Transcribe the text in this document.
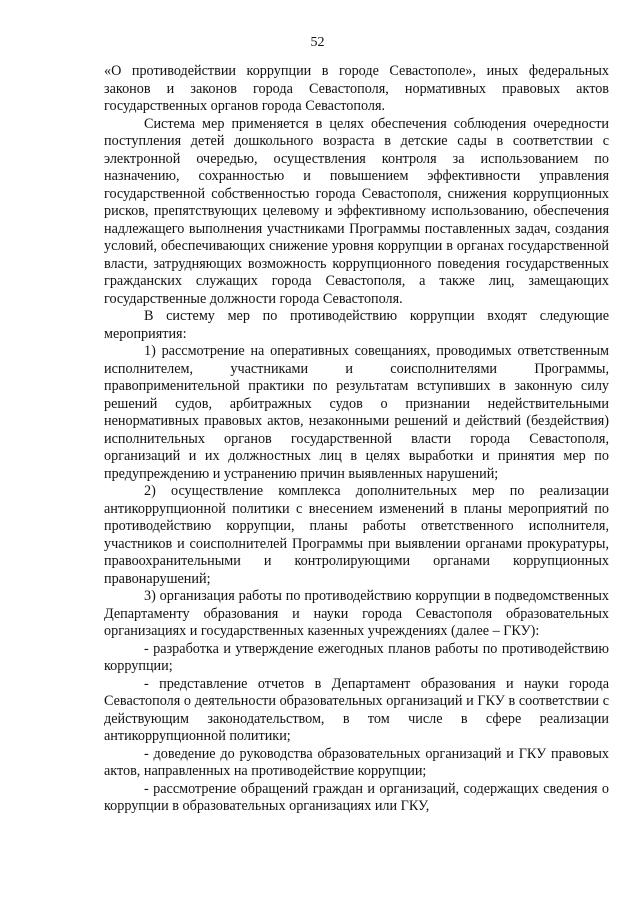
52

«О противодействии коррупции в городе Севастополе», иных федеральных законов и законов города Севастополя, нормативных правовых актов государственных органов города Севастополя.

Система мер применяется в целях обеспечения соблюдения очередности поступления детей дошкольного возраста в детские сады в соответствии с электронной очередью, осуществления контроля за использованием по назначению, сохранностью и повышением эффективности управления государственной собственностью города Севастополя, снижения коррупционных рисков, препятствующих целевому и эффективному использованию, обеспечения надлежащего выполнения участниками Программы поставленных задач, создания условий, обеспечивающих снижение уровня коррупции в органах государственной власти, затрудняющих возможность коррупционного поведения государственных гражданских служащих города Севастополя, а также лиц, замещающих государственные должности города Севастополя.

В систему мер по противодействию коррупции входят следующие мероприятия:

1) рассмотрение на оперативных совещаниях, проводимых ответственным исполнителем, участниками и соисполнителями Программы, правоприменительной практики по результатам вступивших в законную силу решений судов, арбитражных судов о признании недействительными ненормативных правовых актов, незаконными решений и действий (бездействия) исполнительных органов государственной власти города Севастополя, организаций и их должностных лиц в целях выработки и принятия мер по предупреждению и устранению причин выявленных нарушений;

2) осуществление комплекса дополнительных мер по реализации антикоррупционной политики с внесением изменений в планы мероприятий по противодействию коррупции, планы работы ответственного исполнителя, участников и соисполнителей Программы при выявлении органами прокуратуры, правоохранительными и контролирующими органами коррупционных правонарушений;

3) организация работы по противодействию коррупции в подведомственных Департаменту образования и науки города Севастополя образовательных организациях и государственных казенных учреждениях (далее – ГКУ):

- разработка и утверждение ежегодных планов работы по противодействию коррупции;

- представление отчетов в Департамент образования и науки города Севастополя о деятельности образовательных организаций и ГКУ в соответствии с действующим законодательством, в том числе в сфере реализации антикоррупционной политики;

- доведение до руководства образовательных организаций и ГКУ правовых актов, направленных на противодействие коррупции;

- рассмотрение обращений граждан и организаций, содержащих сведения о коррупции в образовательных организациях или ГКУ,
